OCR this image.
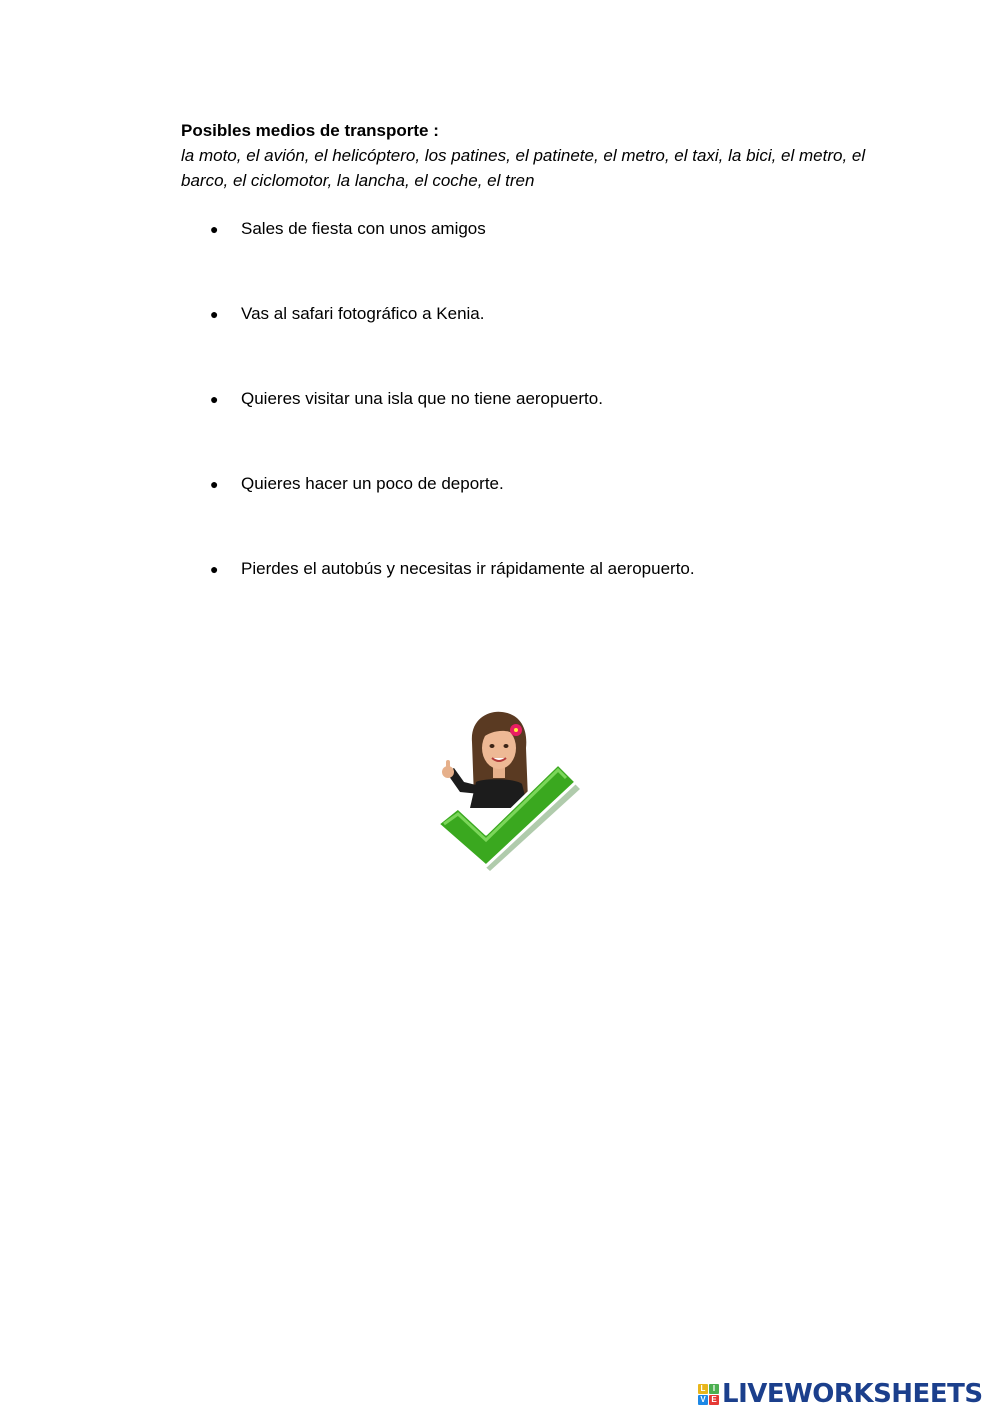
Posibles medios de transporte :

la moto, el avión, el helicóptero, los patines, el patinete, el metro, el taxi, la bici, el metro, el barco, el ciclomotor, la lancha, el coche, el tren

● Sales de fiesta con unos amigos
● Vas al safari fotográfico a Kenia.
● Quieres visitar una isla que no tiene aeropuerto.
● Quieres hacer un poco de deporte.
● Pierdes el autobús y necesitas ir rápidamente al aeropuerto.
L I
V E LIVEWORKSHEETS
